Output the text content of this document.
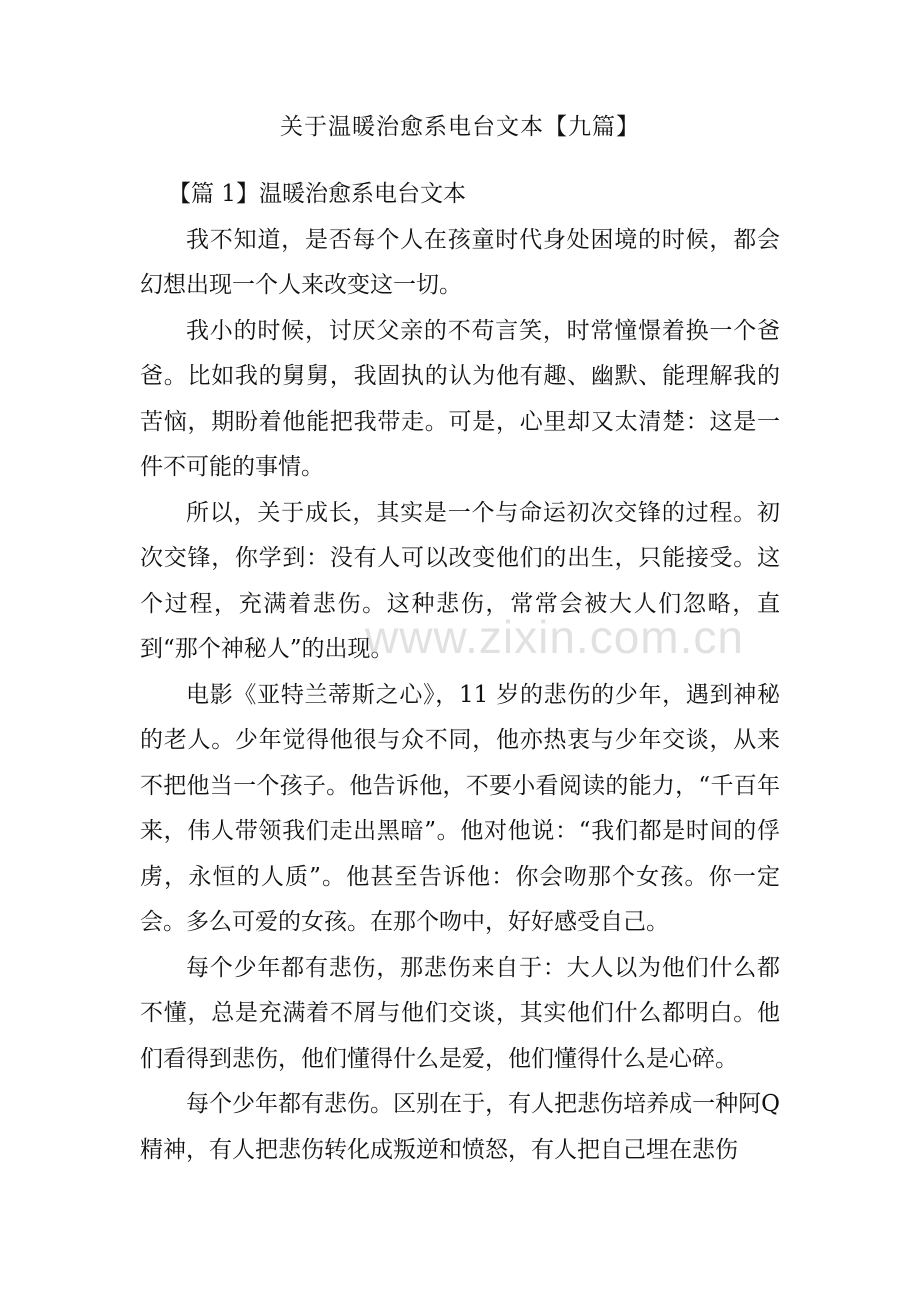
关于温暖治愈系电台文本【九篇】

【篇 1】温暖治愈系电台文本

我不知道，是否每个人在孩童时代身处困境的时候，都会幻想出现一个人来改变这一切。

我小的时候，讨厌父亲的不苟言笑，时常憧憬着换一个爸爸。比如我的舅舅，我固执的认为他有趣、幽默、能理解我的苦恼，期盼着他能把我带走。可是，心里却又太清楚：这是一件不可能的事情。

所以，关于成长，其实是一个与命运初次交锋的过程。初次交锋，你学到：没有人可以改变他们的出生，只能接受。这个过程，充满着悲伤。这种悲伤，常常会被大人们忽略，直到“那个神秘人”的出现。

电影《亚特兰蒂斯之心》，11 岁的悲伤的少年，遇到神秘的老人。少年觉得他很与众不同，他亦热衷与少年交谈，从来不把他当一个孩子。他告诉他，不要小看阅读的能力，“千百年来，伟人带领我们走出黑暗”。他对他说：“我们都是时间的俘虏，永恒的人质”。他甚至告诉他：你会吻那个女孩。你一定会。多么可爱的女孩。在那个吻中，好好感受自己。

每个少年都有悲伤，那悲伤来自于：大人以为他们什么都不懂，总是充满着不屑与他们交谈，其实他们什么都明白。他们看得到悲伤，他们懂得什么是爱，他们懂得什么是心碎。

每个少年都有悲伤。区别在于，有人把悲伤培养成一种阿Q 精神，有人把悲伤转化成叛逆和愤怒，有人把自己埋在悲伤

www.zixin.com.cn
